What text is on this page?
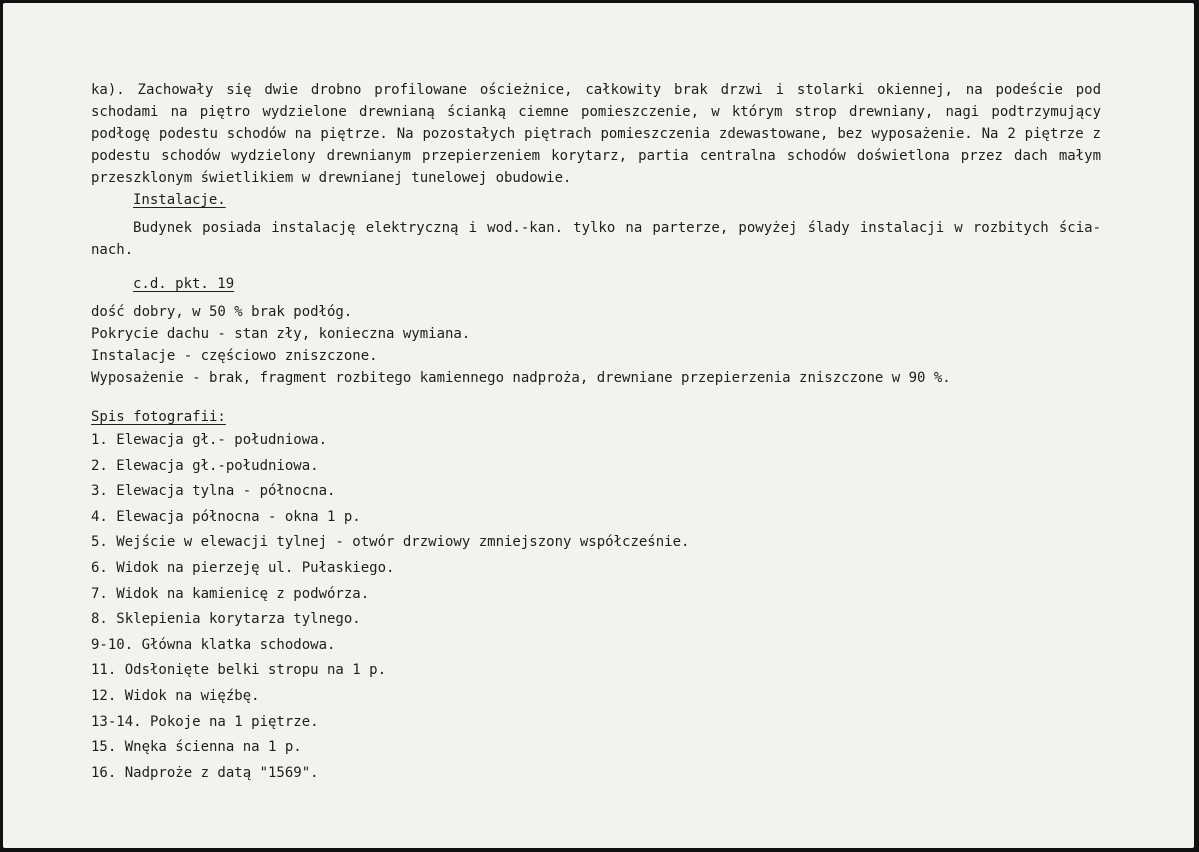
ka). Zachowały się dwie drobno profilowane ościeżnice, całkowity brak drzwi i stolarki okiennej, na podeście pod
schodami na piętro wydzielone drewnianą ścianką ciemne pomieszczenie, w którym strop drewniany, nagi podtrzymujący
podłogę podestu schodów na piętrze. Na pozostałych piętrach pomieszczenia zdewastowane, bez wyposażenie. Na 2 piętrze z
podestu schodów wydzielony drewnianym przepierzeniem korytarz, partia centralna schodów doświetlona przez dach małym
przeszklonym świetlikiem w drewnianej tunelowej obudowie.
Instalacje.
Budynek posiada instalację elektryczną i wod.-kan. tylko na parterze, powyżej ślady instalacji w rozbitych ścia-
nach.
c.d. pkt. 19
dość dobry, w 50 % brak podłóg.
Pokrycie dachu - stan zły, konieczna wymiana.
Instalacje - częściowo zniszczone.
Wyposażenie - brak, fragment rozbitego kamiennego nadproża, drewniane przepierzenia zniszczone w 90 %.
Spis fotografii:
1. Elewacja gł.- południowa.
2. Elewacja gł.-południowa.
3. Elewacja tylna - północna.
4. Elewacja północna - okna 1 p.
5. Wejście w elewacji tylnej - otwór drzwiowy zmniejszony współcześnie.
6. Widok na pierzeję ul. Pułaskiego.
7. Widok na kamienicę z podwórza.
8. Sklepienia korytarza tylnego.
9-10. Główna klatka schodowa.
11. Odsłonięte belki stropu na 1 p.
12. Widok na więźbę.
13-14. Pokoje na 1 piętrze.
15. Wnęka ścienna na 1 p.
16. Nadproże z datą "1569".
